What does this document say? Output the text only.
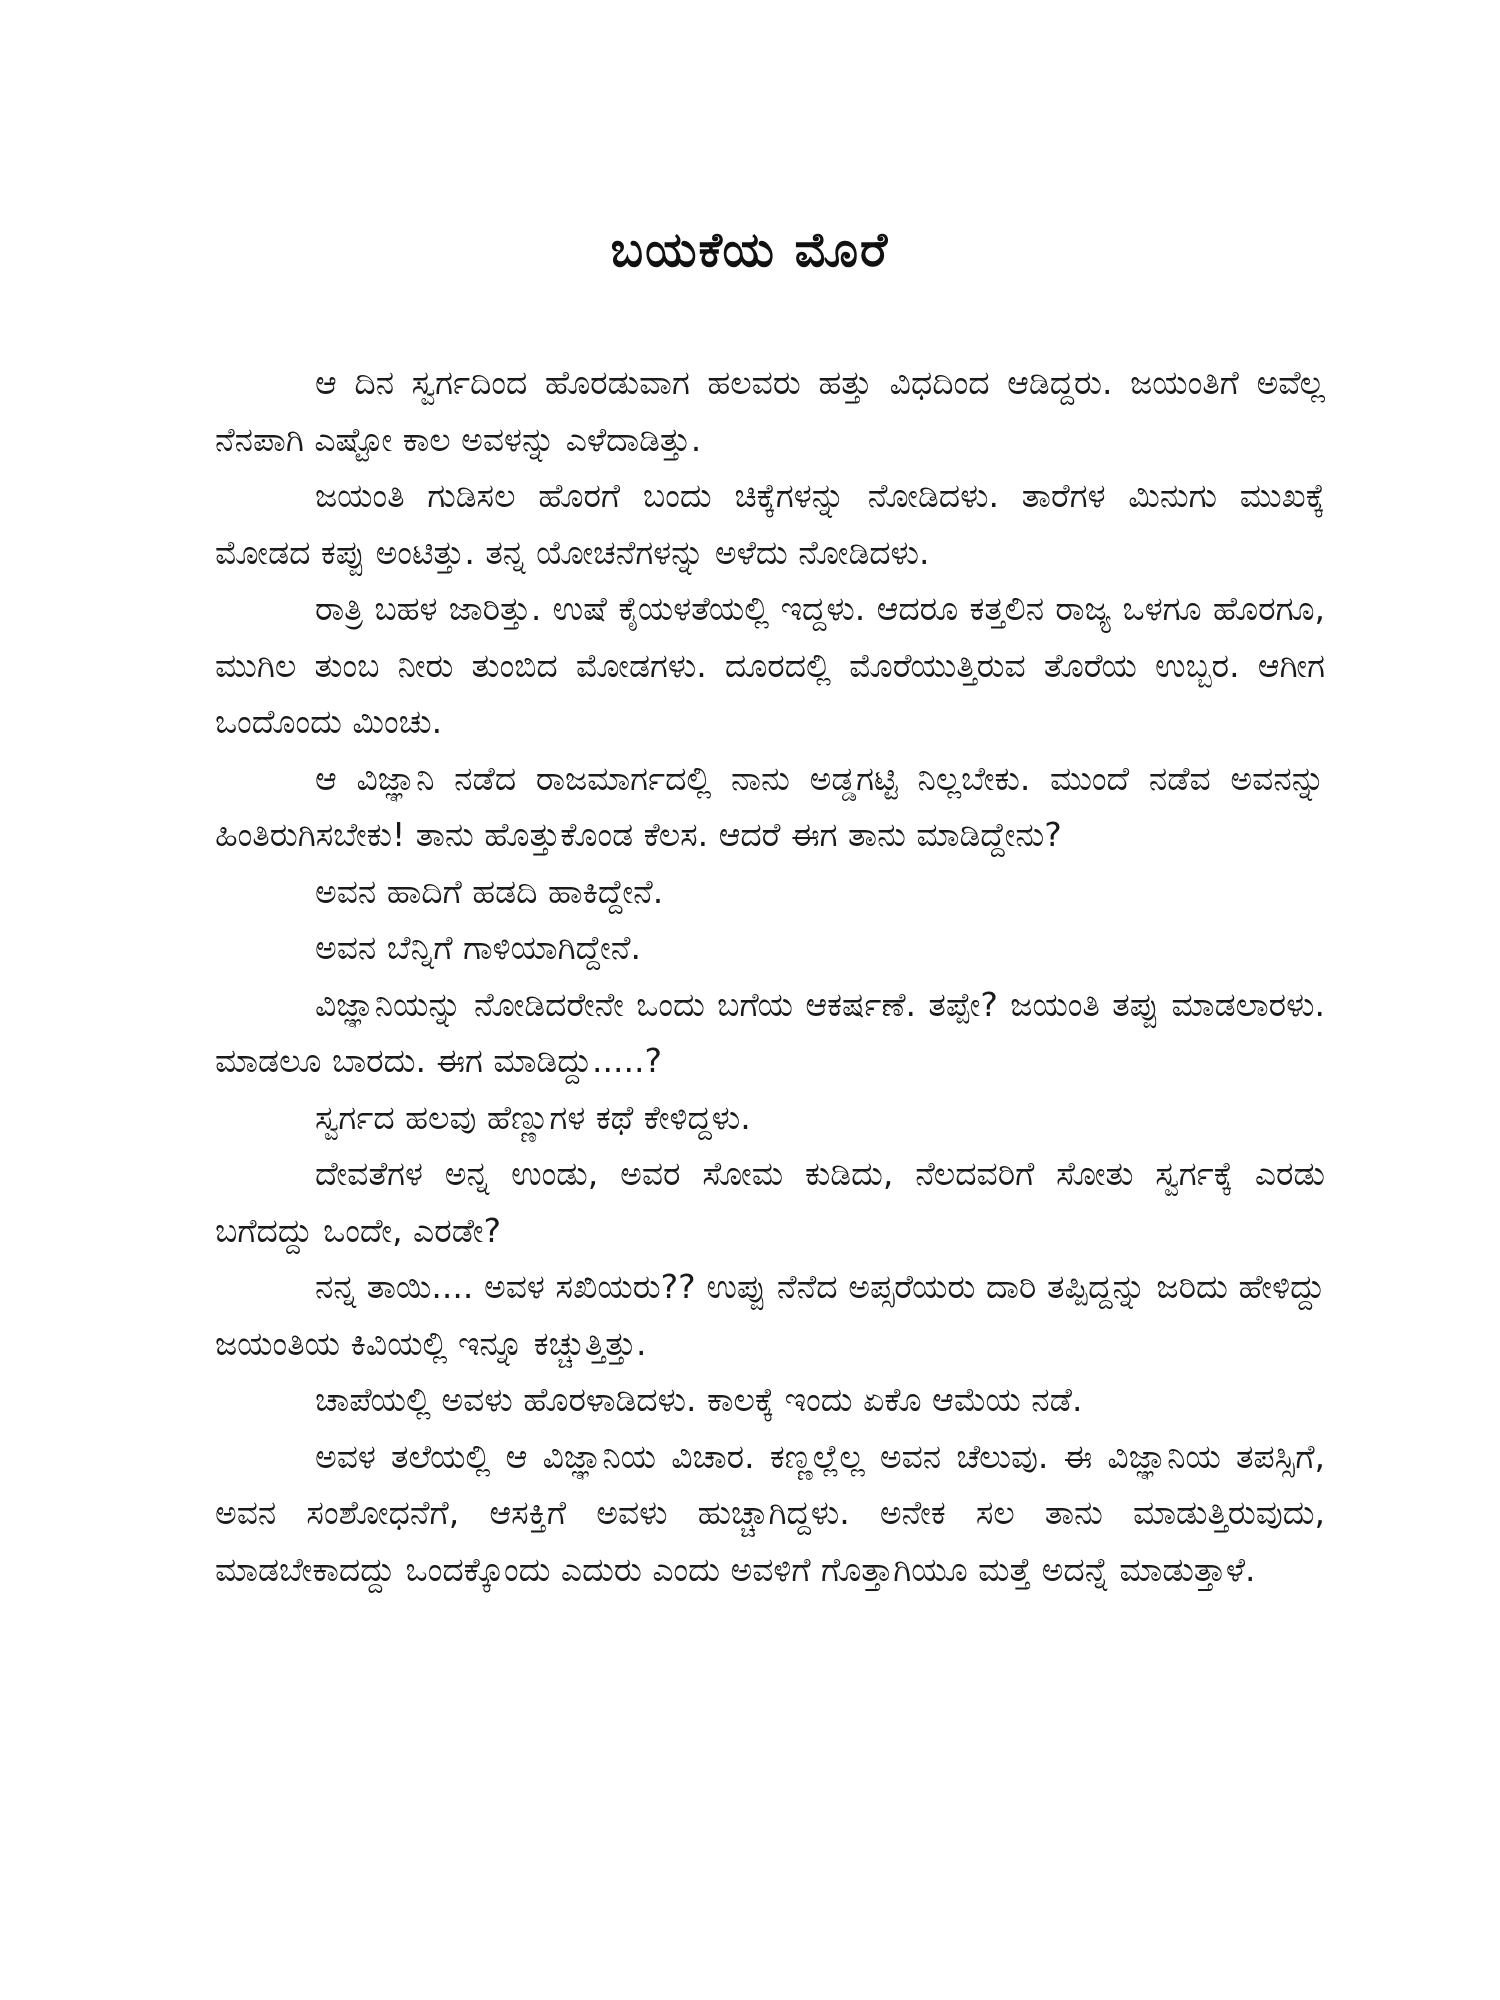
ಬಯಕೆಯ ಮೊರೆ

ಆ ದಿನ ಸ್ವರ್ಗದಿಂದ ಹೊರಡುವಾಗ ಹಲವರು ಹತ್ತು ವಿಧದಿಂದ ಆಡಿದ್ದರು. ಜಯಂತಿಗೆ ಅವೆಲ್ಲ ನೆನಪಾಗಿ ಎಷ್ಟೋ ಕಾಲ ಅವಳನ್ನು ಎಳೆದಾಡಿತ್ತು.

ಜಯಂತಿ ಗುಡಿಸಲ ಹೊರಗೆ ಬಂದು ಚಿಕ್ಕೆಗಳನ್ನು ನೋಡಿದಳು. ತಾರೆಗಳ ಮಿನುಗು ಮುಖಕ್ಕೆ ಮೋಡದ ಕಪ್ಪು ಅಂಟಿತ್ತು. ತನ್ನ ಯೋಚನೆಗಳನ್ನು ಅಳೆದು ನೋಡಿದಳು.

ರಾತ್ರಿ ಬಹಳ ಜಾರಿತ್ತು. ಉಷೆ ಕೈಯಳತೆಯಲ್ಲಿ ಇದ್ದಳು. ಆದರೂ ಕತ್ತಲಿನ ರಾಜ್ಯ ಒಳಗೂ ಹೊರಗೂ, ಮುಗಿಲ ತುಂಬ ನೀರು ತುಂಬಿದ ಮೋಡಗಳು. ದೂರದಲ್ಲಿ ಮೊರೆಯುತ್ತಿರುವ ತೊರೆಯ ಉಬ್ಬರ. ಆಗೀಗ ಒಂದೊಂದು ಮಿಂಚು.

ಆ ವಿಜ್ಞಾನಿ ನಡೆದ ರಾಜಮಾರ್ಗದಲ್ಲಿ ನಾನು ಅಡ್ಡಗಟ್ಟಿ ನಿಲ್ಲಬೇಕು. ಮುಂದೆ ನಡೆವ ಅವನನ್ನು ಹಿಂತಿರುಗಿಸಬೇಕು! ತಾನು ಹೊತ್ತುಕೊಂಡ ಕೆಲಸ. ಆದರೆ ಈಗ ತಾನು ಮಾಡಿದ್ದೇನು?

ಅವನ ಹಾದಿಗೆ ಹಡದಿ ಹಾಕಿದ್ದೇನೆ.

ಅವನ ಬೆನ್ನಿಗೆ ಗಾಳಿಯಾಗಿದ್ದೇನೆ.

ವಿಜ್ಞಾನಿಯನ್ನು ನೋಡಿದರೇನೇ ಒಂದು ಬಗೆಯ ಆಕರ್ಷಣೆ. ತಪ್ಪೇ? ಜಯಂತಿ ತಪ್ಪು ಮಾಡಲಾರಳು. ಮಾಡಲೂ ಬಾರದು. ಈಗ ಮಾಡಿದ್ದು.....?

ಸ್ವರ್ಗದ ಹಲವು ಹೆಣ್ಣುಗಳ ಕಥೆ ಕೇಳಿದ್ದಳು.

ದೇವತೆಗಳ ಅನ್ನ ಉಂಡು, ಅವರ ಸೋಮ ಕುಡಿದು, ನೆಲದವರಿಗೆ ಸೋತು ಸ್ವರ್ಗಕ್ಕೆ ಎರಡು ಬಗೆದದ್ದು ಒಂದೇ, ಎರಡೇ?

ನನ್ನ ತಾಯಿ.... ಅವಳ ಸಖಿಯರು?? ಉಪ್ಪು ನೆನೆದ ಅಪ್ಸರೆಯರು ದಾರಿ ತಪ್ಪಿದ್ದನ್ನು ಜರಿದು ಹೇಳಿದ್ದು ಜಯಂತಿಯ ಕಿವಿಯಲ್ಲಿ ಇನ್ನೂ ಕಚ್ಚುತ್ತಿತ್ತು.

ಚಾಪೆಯಲ್ಲಿ ಅವಳು ಹೊರಳಾಡಿದಳು. ಕಾಲಕ್ಕೆ ಇಂದು ಏಕೊ ಆಮೆಯ ನಡೆ.

ಅವಳ ತಲೆಯಲ್ಲಿ ಆ ವಿಜ್ಞಾನಿಯ ವಿಚಾರ. ಕಣ್ಣಲ್ಲೆಲ್ಲ ಅವನ ಚೆಲುವು. ಈ ವಿಜ್ಞಾನಿಯ ತಪಸ್ಸಿಗೆ, ಅವನ ಸಂಶೋಧನೆಗೆ, ಆಸಕ್ತಿಗೆ ಅವಳು ಹುಚ್ಚಾಗಿದ್ದಳು. ಅನೇಕ ಸಲ ತಾನು ಮಾಡುತ್ತಿರುವುದು, ಮಾಡಬೇಕಾದದ್ದು ಒಂದಕ್ಕೊಂದು ಎದುರು ಎಂದು ಅವಳಿಗೆ ಗೊತ್ತಾಗಿಯೂ ಮತ್ತೆ ಅದನ್ನೆ ಮಾಡುತ್ತಾಳೆ.
